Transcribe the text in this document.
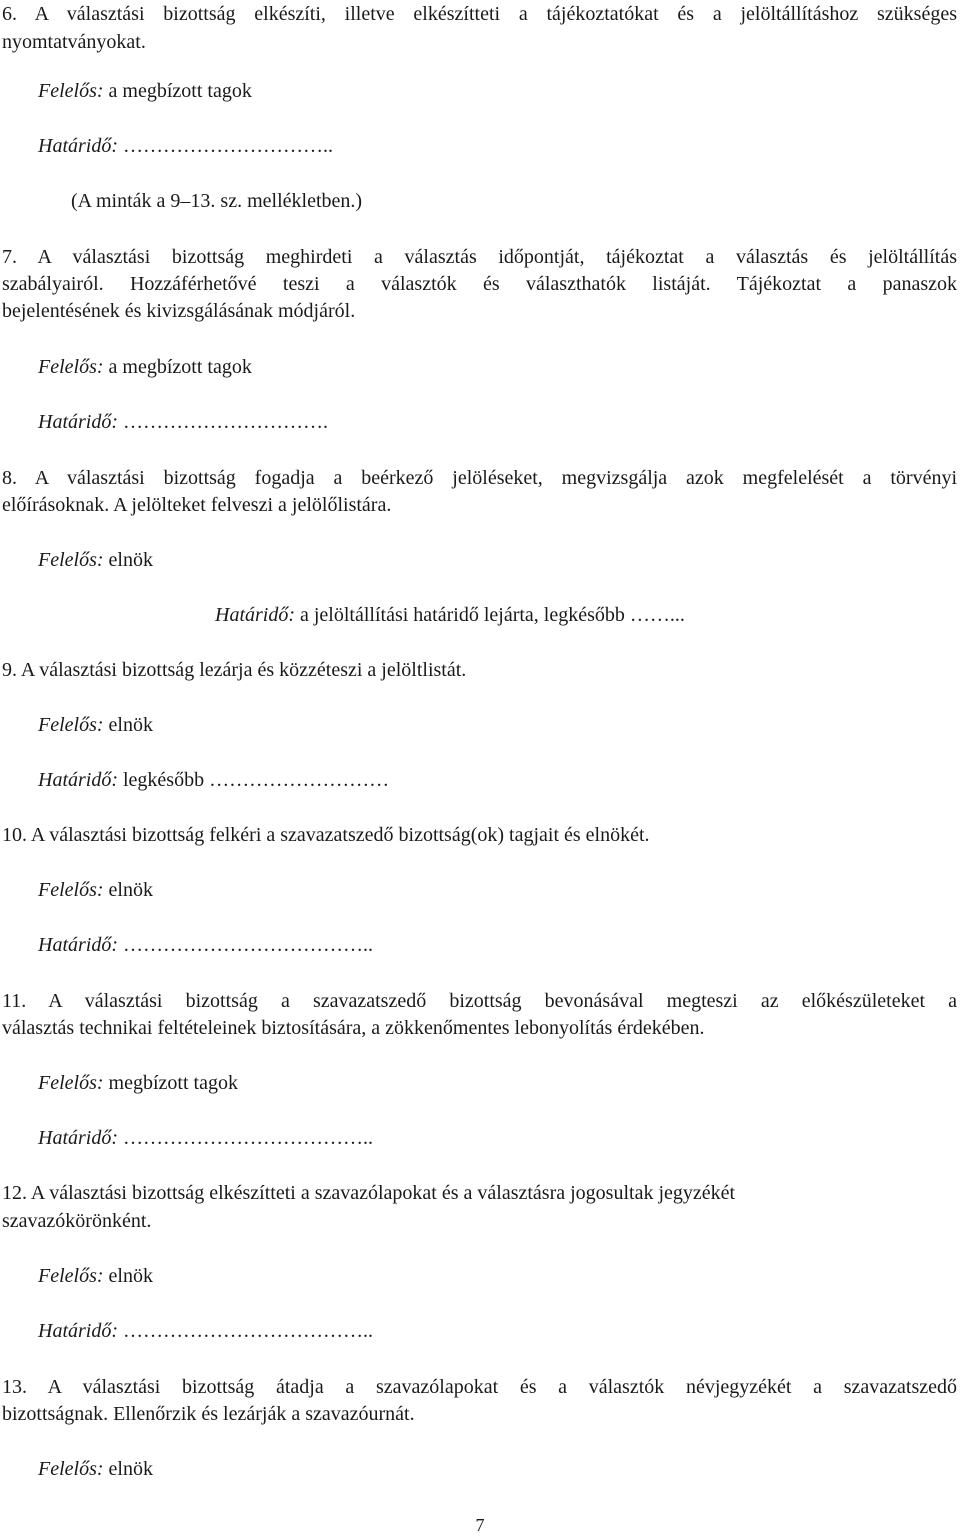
6. A választási bizottság elkészíti, illetve elkészítteti a tájékoztatókat és a jelöltállításhoz szükséges

nyomtatványokat.

Felelős: a megbízott tagok

Határidő: …………………………..

(A minták a 9–13. sz. mellékletben.)

7. A választási bizottság meghirdeti a választás időpontját, tájékoztat a választás és jelöltállítás

szabályairól. Hozzáférhetővé teszi a választók és választhatók listáját. Tájékoztat a panaszok

bejelentésének és kivizsgálásának módjáról.

Felelős: a megbízott tagok

Határidő: ………………………….

8. A választási bizottság fogadja a beérkező jelöléseket, megvizsgálja azok megfelelését a törvényi

előírásoknak. A jelölteket felveszi a jelölőlistára.

Felelős: elnök

Határidő: a jelöltállítási határidő lejárta, legkésőbb ……...

9. A választási bizottság lezárja és közzéteszi a jelöltlistát.

Felelős: elnök

Határidő: legkésőbb ………………………

10. A választási bizottság felkéri a szavazatszedő bizottság(ok) tagjait és elnökét.

Felelős: elnök

Határidő: ………………………………..

11. A választási bizottság a szavazatszedő bizottság bevonásával megteszi az előkészületeket a

választás technikai feltételeinek biztosítására, a zökkenőmentes lebonyolítás érdekében.

Felelős: megbízott tagok

Határidő: ………………………………..

12. A választási bizottság elkészítteti a szavazólapokat és a választásra jogosultak jegyzékét

szavazókörönként.

Felelős: elnök

Határidő: ………………………………..

13. A választási bizottság átadja a szavazólapokat és a választók névjegyzékét a szavazatszedő

bizottságnak. Ellenőrzik és lezárják a szavazóurnát.

Felelős: elnök

7
